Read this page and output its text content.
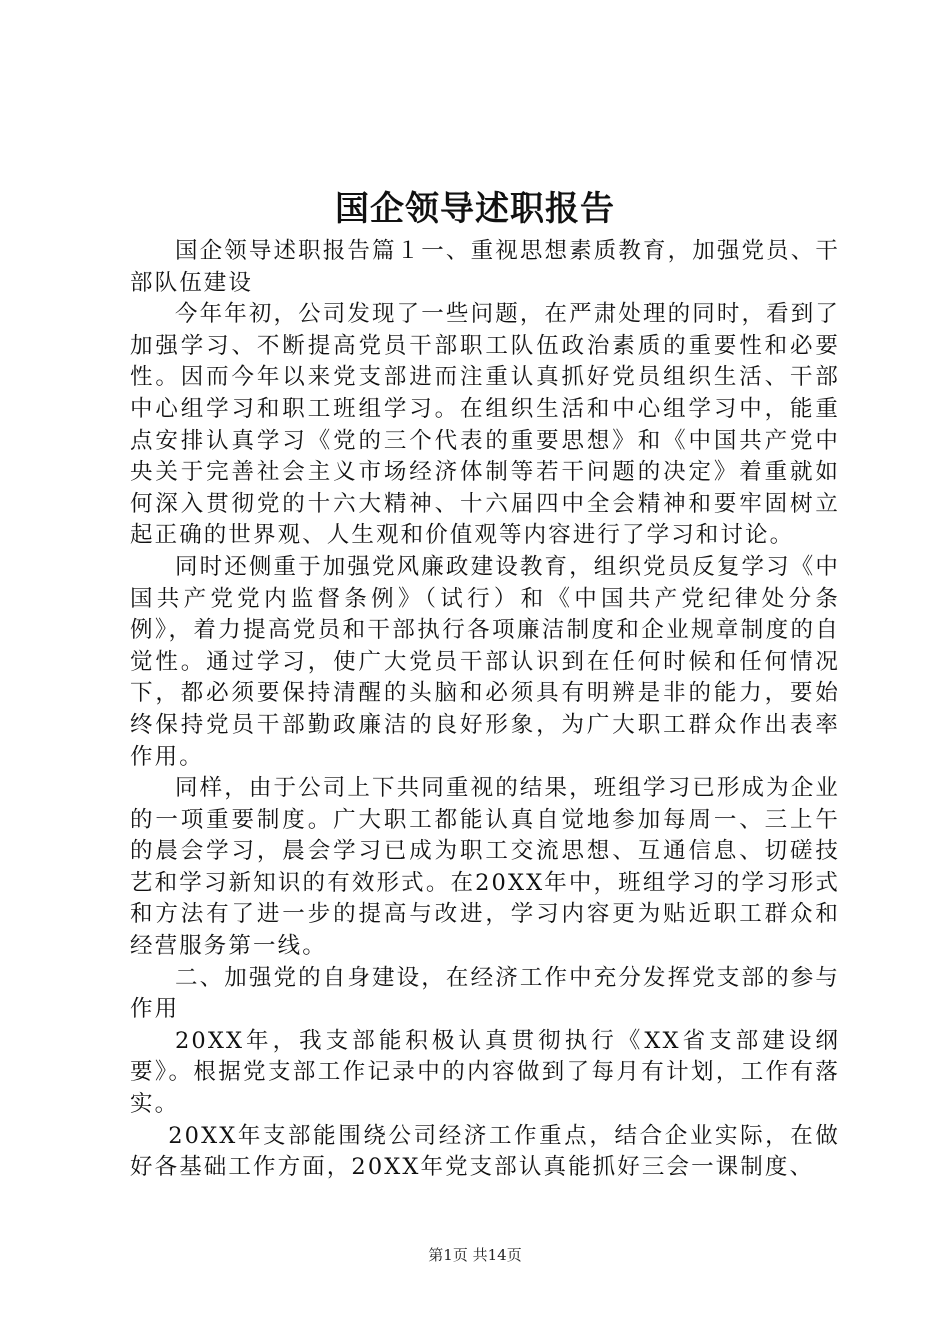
国企领导述职报告

国企领导述职报告篇１一、重视思想素质教育，加强党员、干部队伍建设

今年年初，公司发现了一些问题，在严肃处理的同时，看到了加强学习、不断提高党员干部职工队伍政治素质的重要性和必要性。因而今年以来党支部进而注重认真抓好党员组织生活、干部中心组学习和职工班组学习。在组织生活和中心组学习中，能重点安排认真学习《党的三个代表的重要思想》和《中国共产党中央关于完善社会主义市场经济体制等若干问题的决定》着重就如何深入贯彻党的十六大精神、十六届四中全会精神和要牢固树立起正确的世界观、人生观和价值观等内容进行了学习和讨论。

同时还侧重于加强党风廉政建设教育，组织党员反复学习《中国共产党党内监督条例》（试行）和《中国共产党纪律处分条例》，着力提高党员和干部执行各项廉洁制度和企业规章制度的自觉性。通过学习，使广大党员干部认识到在任何时候和任何情况下，都必须要保持清醒的头脑和必须具有明辨是非的能力，要始终保持党员干部勤政廉洁的良好形象，为广大职工群众作出表率作用。

同样，由于公司上下共同重视的结果，班组学习已形成为企业的一项重要制度。广大职工都能认真自觉地参加每周一、三上午的晨会学习，晨会学习已成为职工交流思想、互通信息、切磋技艺和学习新知识的有效形式。在20XX年中，班组学习的学习形式和方法有了进一步的提高与改进，学习内容更为贴近职工群众和经营服务第一线。

二、加强党的自身建设，在经济工作中充分发挥党支部的参与作用

20XX年，我支部能积极认真贯彻执行《XX省支部建设纲要》。根据党支部工作记录中的内容做到了每月有计划，工作有落实。

20XX年支部能围绕公司经济工作重点，结合企业实际，在做好各基础工作方面，20XX年党支部认真能抓好三会一课制度、

第1页 共14页
